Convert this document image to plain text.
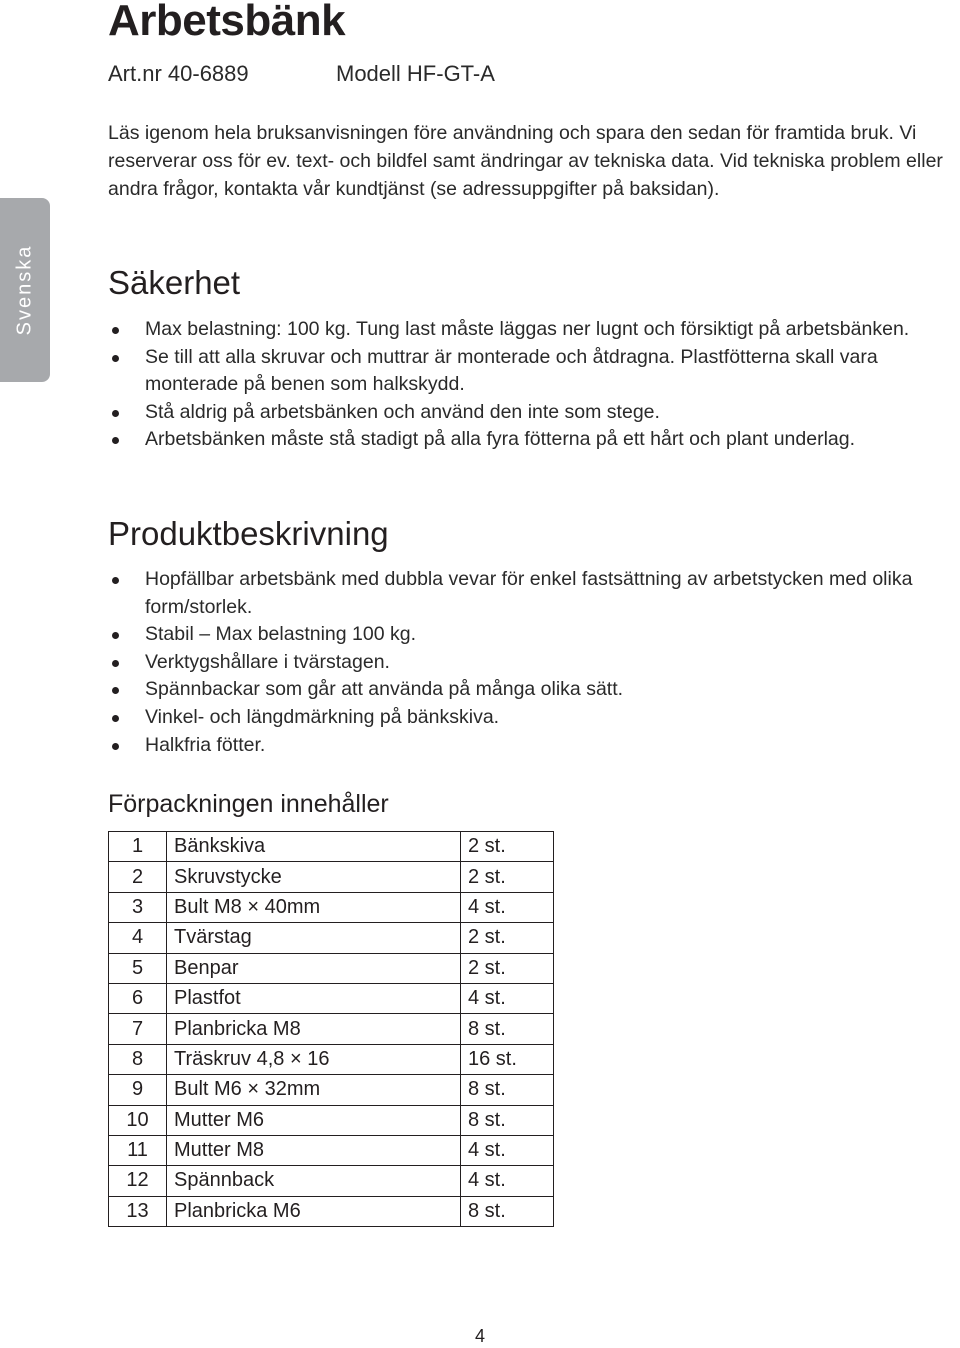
Arbetsbänk
Art.nr 40-6889	Modell HF-GT-A

Läs igenom hela bruksanvisningen före användning och spara den sedan för framtida bruk. Vi reserverar oss för ev. text- och bildfel samt ändringar av tekniska data. Vid tekniska problem eller andra frågor, kontakta vår kundtjänst (se adressuppgifter på baksidan).

Svenska Säkerhet
Max belastning: 100 kg. Tung last måste läggas ner lugnt och försiktigt på arbetsbänken.
Se till att alla skruvar och muttrar är monterade och åtdragna. Plastfötterna skall vara monterade på benen som halkskydd.
Stå aldrig på arbetsbänken och använd den inte som stege.
Arbetsbänken måste stå stadigt på alla fyra fötterna på ett hårt och plant underlag.
Produktbeskrivning
Hopfällbar arbetsbänk med dubbla vevar för enkel fastsättning av arbetstycken med olika form/storlek.
Stabil – Max belastning 100 kg.
Verktygshållare i tvärstagen.
Spännbackar som går att använda på många olika sätt.
Vinkel- och längdmärkning på bänkskiva.
Halkfria fötter.
Förpackningen innehåller
1	Bänkskiva	2 st.
2	Skruvstycke	2 st.
3	Bult M8 × 40mm	4 st.
4	Tvärstag	2 st.
5	Benpar	2 st.
6	Plastfot	4 st.
7	Planbricka M8	8 st.
8	Träskruv 4,8 × 16	16 st.
9	Bult M6 × 32mm	8 st.
10	Mutter M6	8 st.
11	Mutter M8	4 st.
12	Spännback	4 st.
13	Planbricka M6	8 st.
4
